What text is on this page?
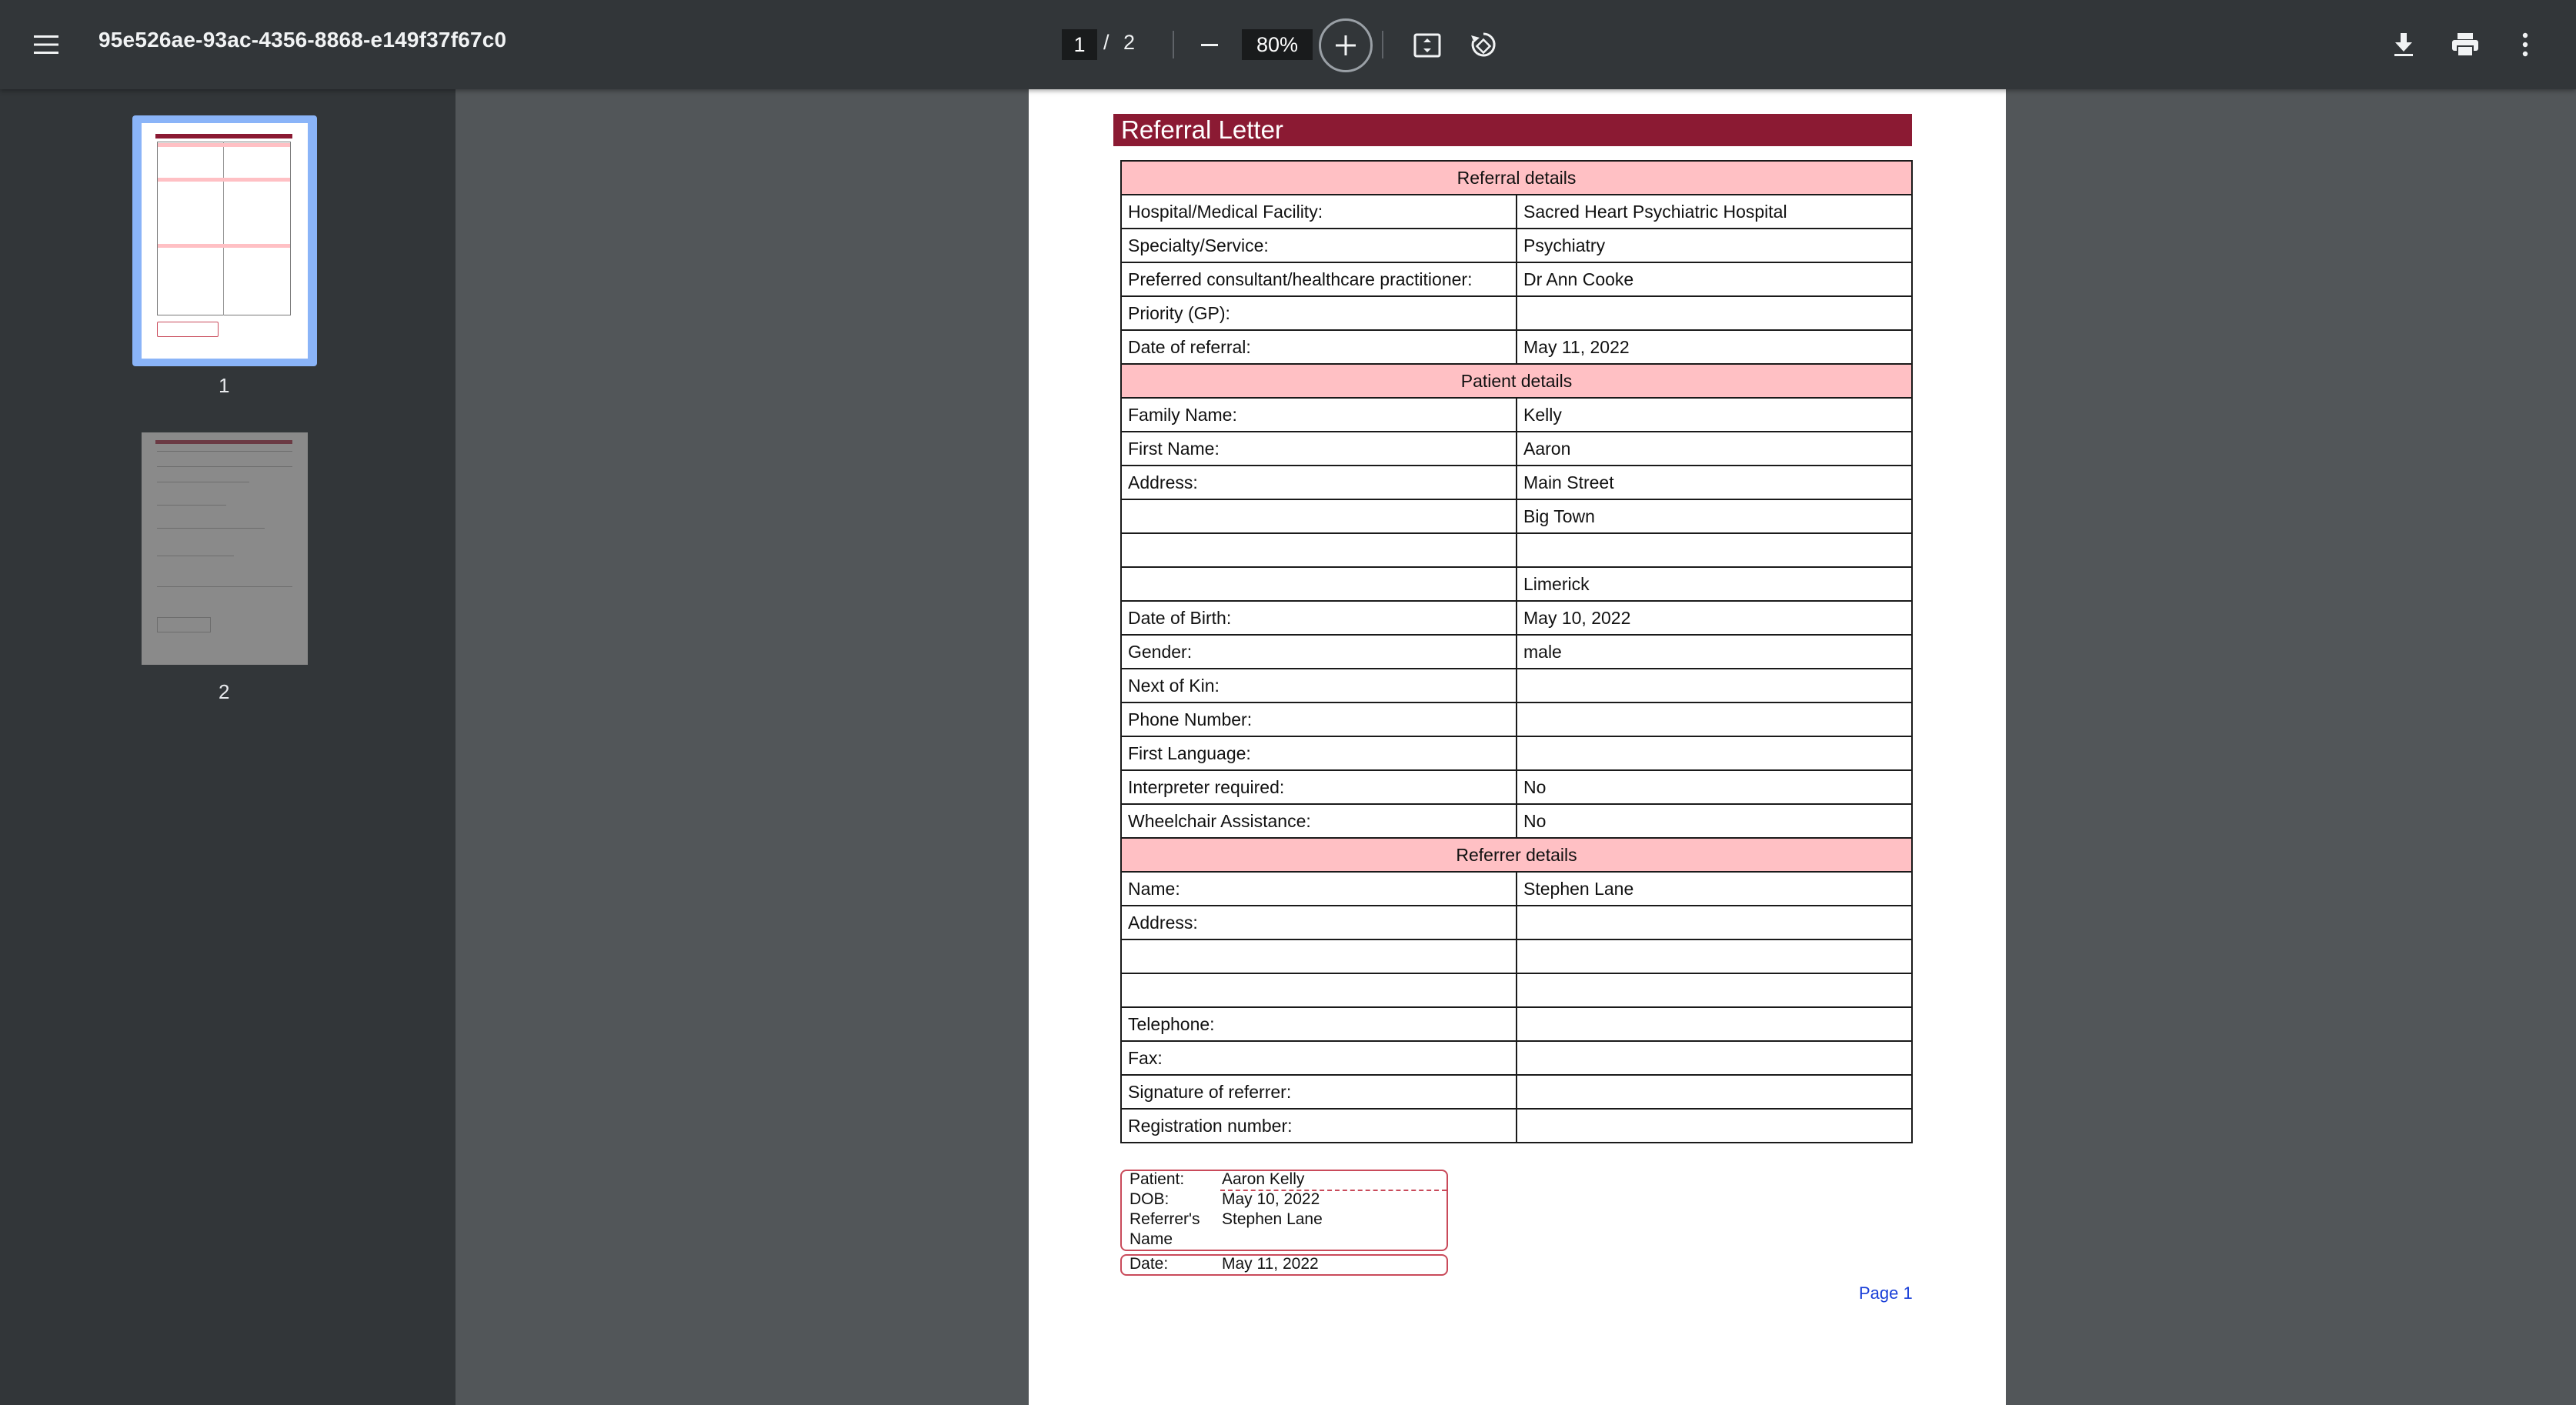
95e526ae-93ac-4356-8868-e149f37f67c0	1 / 2	80%
1
2
Referral Letter
Referral details	
Hospital/Medical Facility:	Sacred Heart Psychiatric Hospital
Specialty/Service:	Psychiatry
Preferred consultant/healthcare practitioner:	Dr Ann Cooke
Priority (GP):	
Date of referral:	May 11, 2022
Patient details	
Family Name:	Kelly
First Name:	Aaron
Address:	Main Street
	Big Town

	Limerick
Date of Birth:	May 10, 2022
Gender:	male
Next of Kin:	
Phone Number:	
First Language:	
Interpreter required:	No
Wheelchair Assistance:	No
Referrer details	
Name:	Stephen Lane
Address:	

Telephone:	
Fax:	
Signature of referrer:	
Registration number:	
Patient: Aaron Kelly
DOB:	May 10, 2022
Referrer's
Name
Stephen Lane
Date:	May 11, 2022
Page 1
